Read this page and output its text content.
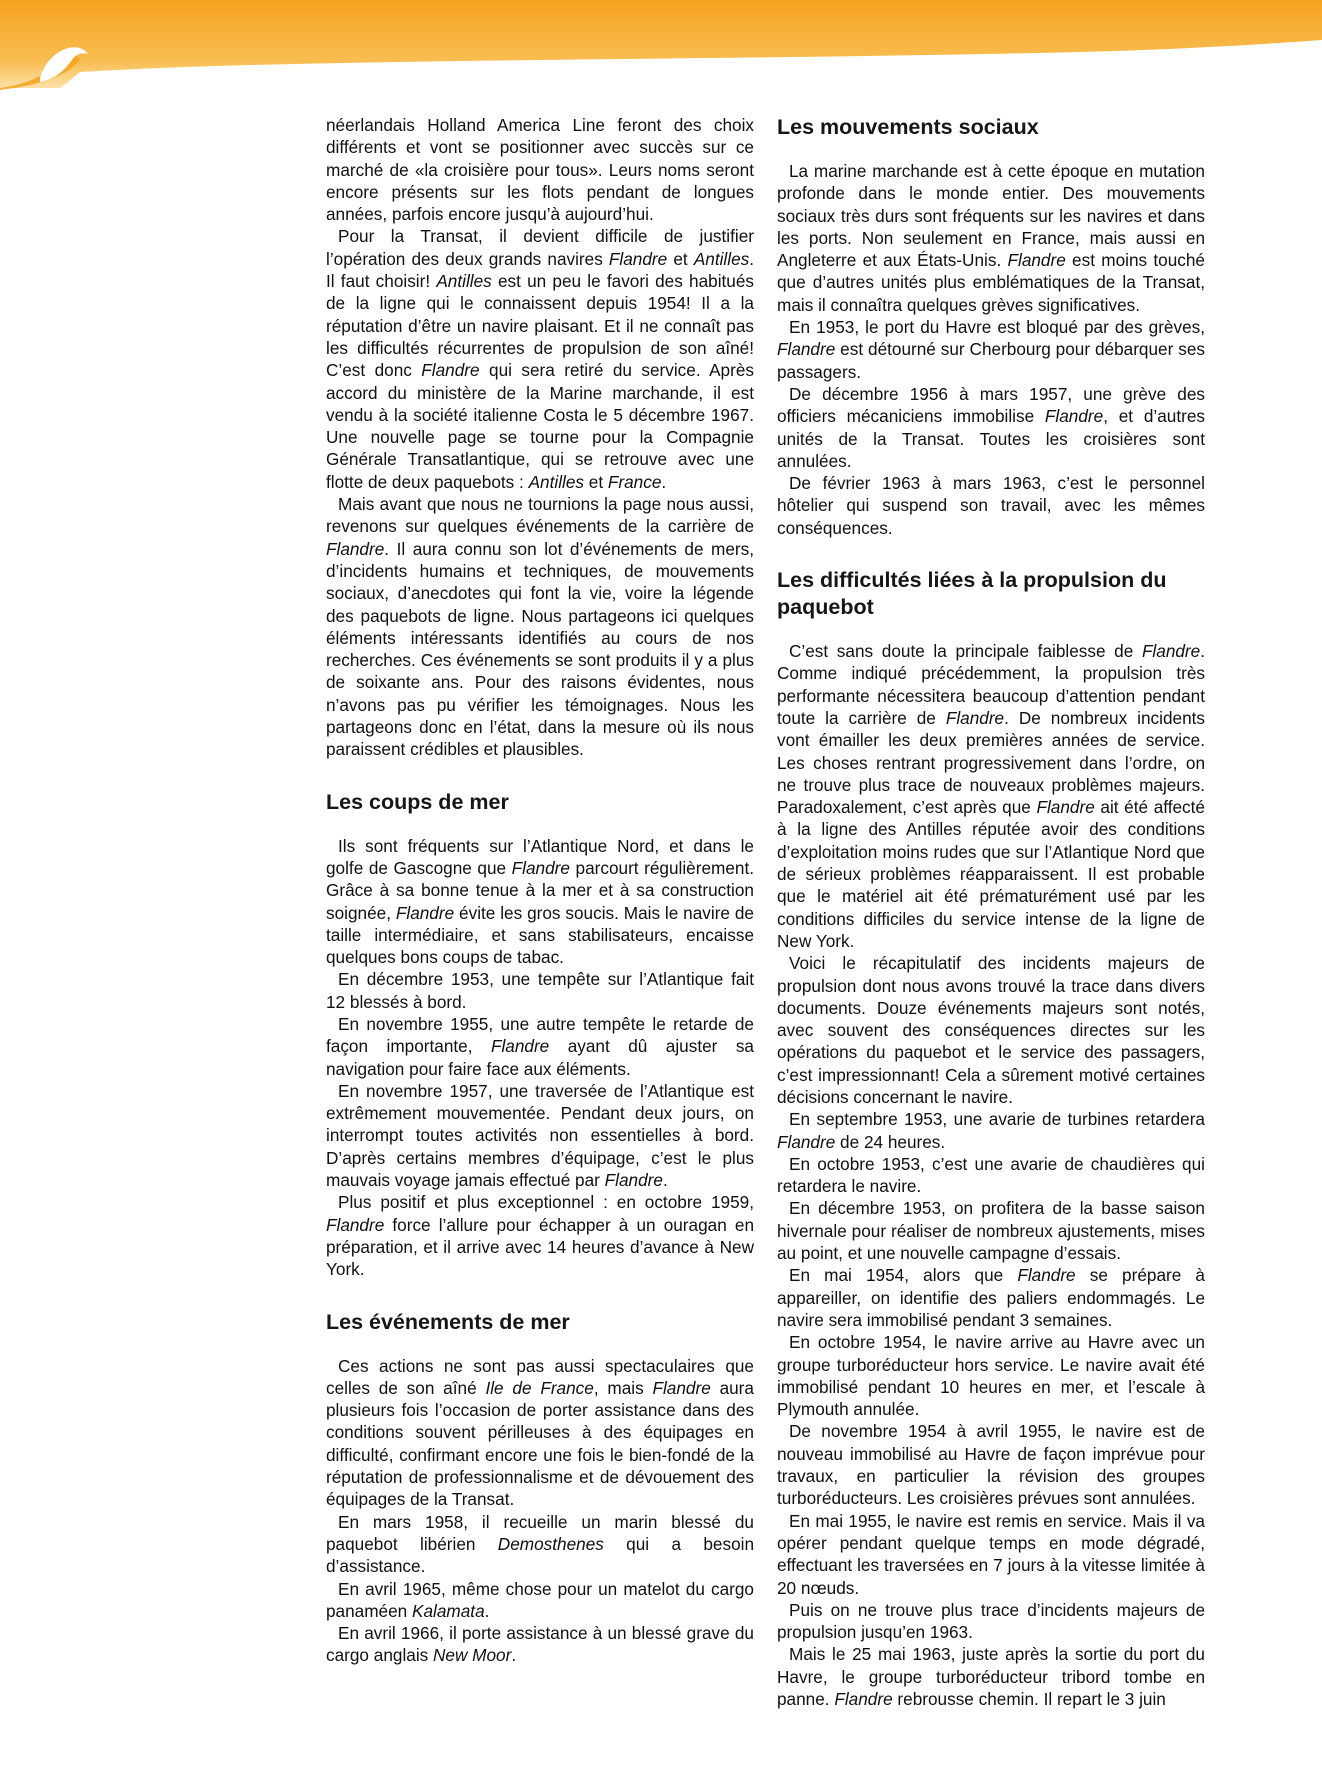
54

néerlandais Holland America Line feront des choix différents et vont se positionner avec succès sur ce marché de «la croisière pour tous». Leurs noms seront encore présents sur les flots pendant de longues années, parfois encore jusqu’à aujourd’hui.

Pour la Transat, il devient difficile de justifier l’opération des deux grands navires Flandre et Antilles. Il faut choisir! Antilles est un peu le favori des habitués de la ligne qui le connaissent depuis 1954! Il a la réputation d’être un navire plaisant. Et il ne connaît pas les difficultés récurrentes de propulsion de son aîné! C’est donc Flandre qui sera retiré du service. Après accord du ministère de la Marine marchande, il est vendu à la société italienne Costa le 5 décembre 1967. Une nouvelle page se tourne pour la Compagnie Générale Transatlantique, qui se retrouve avec une flotte de deux paquebots : Antilles et France.

Mais avant que nous ne tournions la page nous aussi, revenons sur quelques événements de la carrière de Flandre. Il aura connu son lot d’événements de mers, d’incidents humains et techniques, de mouvements sociaux, d’anecdotes qui font la vie, voire la légende des paquebots de ligne. Nous partageons ici quelques éléments intéressants identifiés au cours de nos recherches. Ces événements se sont produits il y a plus de soixante ans. Pour des raisons évidentes, nous n’avons pas pu vérifier les témoignages. Nous les partageons donc en l’état, dans la mesure où ils nous paraissent crédibles et plausibles.

Les coups de mer

Ils sont fréquents sur l’Atlantique Nord, et dans le golfe de Gascogne que Flandre parcourt régulièrement. Grâce à sa bonne tenue à la mer et à sa construction soignée, Flandre évite les gros soucis. Mais le navire de taille intermédiaire, et sans stabilisateurs, encaisse quelques bons coups de tabac.

En décembre 1953, une tempête sur l’Atlantique fait 12 blessés à bord.

En novembre 1955, une autre tempête le retarde de façon importante, Flandre ayant dû ajuster sa navigation pour faire face aux éléments.

En novembre 1957, une traversée de l’Atlantique est extrêmement mouvementée. Pendant deux jours, on interrompt toutes activités non essentielles à bord. D’après certains membres d’équipage, c’est le plus mauvais voyage jamais effectué par Flandre.

Plus positif et plus exceptionnel : en octobre 1959, Flandre force l’allure pour échapper à un ouragan en préparation, et il arrive avec 14 heures d’avance à New York.

Les événements de mer

Ces actions ne sont pas aussi spectaculaires que celles de son aîné Ile de France, mais Flandre aura plusieurs fois l’occasion de porter assistance dans des conditions souvent périlleuses à des équipages en difficulté, confirmant encore une fois le bien-fondé de la réputation de professionnalisme et de dévouement des équipages de la Transat.

En mars 1958, il recueille un marin blessé du paquebot libérien Demosthenes qui a besoin d’assistance.

En avril 1965, même chose pour un matelot du cargo panaméen Kalamata.

En avril 1966, il porte assistance à un blessé grave du cargo anglais New Moor.

Les mouvements sociaux

La marine marchande est à cette époque en mutation profonde dans le monde entier. Des mouvements sociaux très durs sont fréquents sur les navires et dans les ports. Non seulement en France, mais aussi en Angleterre et aux États-Unis. Flandre est moins touché que d’autres unités plus emblématiques de la Transat, mais il connaîtra quelques grèves significatives.

En 1953, le port du Havre est bloqué par des grèves, Flandre est détourné sur Cherbourg pour débarquer ses passagers.

De décembre 1956 à mars 1957, une grève des officiers mécaniciens immobilise Flandre, et d’autres unités de la Transat. Toutes les croisières sont annulées.

De février 1963 à mars 1963, c’est le personnel hôtelier qui suspend son travail, avec les mêmes conséquences.

Les difficultés liées à la propulsion du paquebot

C’est sans doute la principale faiblesse de Flandre. Comme indiqué précédemment, la propulsion très performante nécessitera beaucoup d’attention pendant toute la carrière de Flandre. De nombreux incidents vont émailler les deux premières années de service. Les choses rentrant progressivement dans l’ordre, on ne trouve plus trace de nouveaux problèmes majeurs. Paradoxalement, c’est après que Flandre ait été affecté à la ligne des Antilles réputée avoir des conditions d’exploitation moins rudes que sur l’Atlantique Nord que de sérieux problèmes réapparaissent. Il est probable que le matériel ait été prématurément usé par les conditions difficiles du service intense de la ligne de New York.

Voici le récapitulatif des incidents majeurs de propulsion dont nous avons trouvé la trace dans divers documents. Douze événements majeurs sont notés, avec souvent des conséquences directes sur les opérations du paquebot et le service des passagers, c’est impressionnant! Cela a sûrement motivé certaines décisions concernant le navire.

En septembre 1953, une avarie de turbines retardera Flandre de 24 heures.

En octobre 1953, c’est une avarie de chaudières qui retardera le navire.

En décembre 1953, on profitera de la basse saison hivernale pour réaliser de nombreux ajustements, mises au point, et une nouvelle campagne d’essais.

En mai 1954, alors que Flandre se prépare à appareiller, on identifie des paliers endommagés. Le navire sera immobilisé pendant 3 semaines.

En octobre 1954, le navire arrive au Havre avec un groupe turboréducteur hors service. Le navire avait été immobilisé pendant 10 heures en mer, et l’escale à Plymouth annulée.

De novembre 1954 à avril 1955, le navire est de nouveau immobilisé au Havre de façon imprévue pour travaux, en particulier la révision des groupes turboréducteurs. Les croisières prévues sont annulées.

En mai 1955, le navire est remis en service. Mais il va opérer pendant quelque temps en mode dégradé, effectuant les traversées en 7 jours à la vitesse limitée à 20 nœuds.

Puis on ne trouve plus trace d’incidents majeurs de propulsion jusqu’en 1963.

Mais le 25 mai 1963, juste après la sortie du port du Havre, le groupe turboréducteur tribord tombe en panne. Flandre rebrousse chemin. Il repart le 3 juin
